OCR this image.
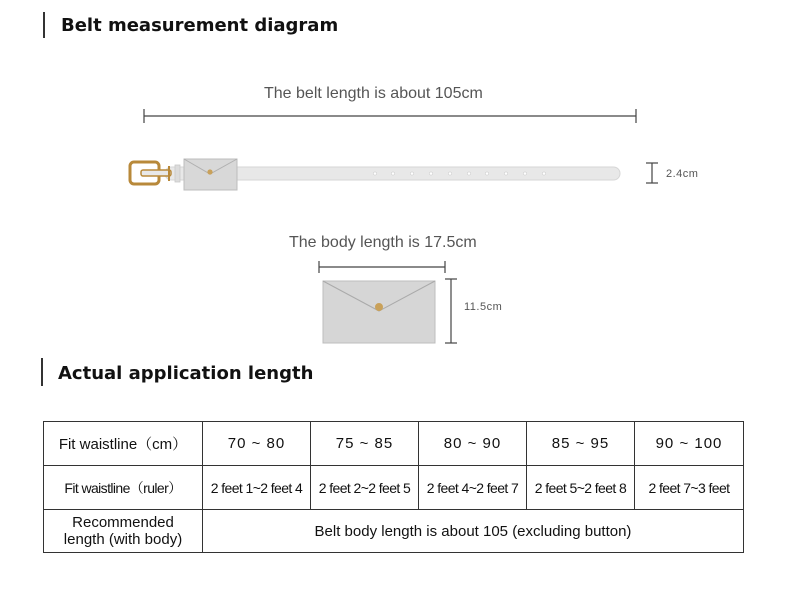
Belt measurement diagram
The belt length is about 105cm
2.4cm
The body length is 17.5cm
11.5cm
Actual application length
Fit waistline（cm）	70 ~ 80	75 ~ 85	80 ~ 90	85 ~ 95	90 ~ 100
Fit waistline（ruler）	2 feet 1~2 feet 4	2 feet 2~2 feet 5	2 feet 4~2 feet 7	2 feet 5~2 feet 8	2 feet 7~3 feet

Recommended
length (with body)	Belt body length is about 105 (excluding button)				
